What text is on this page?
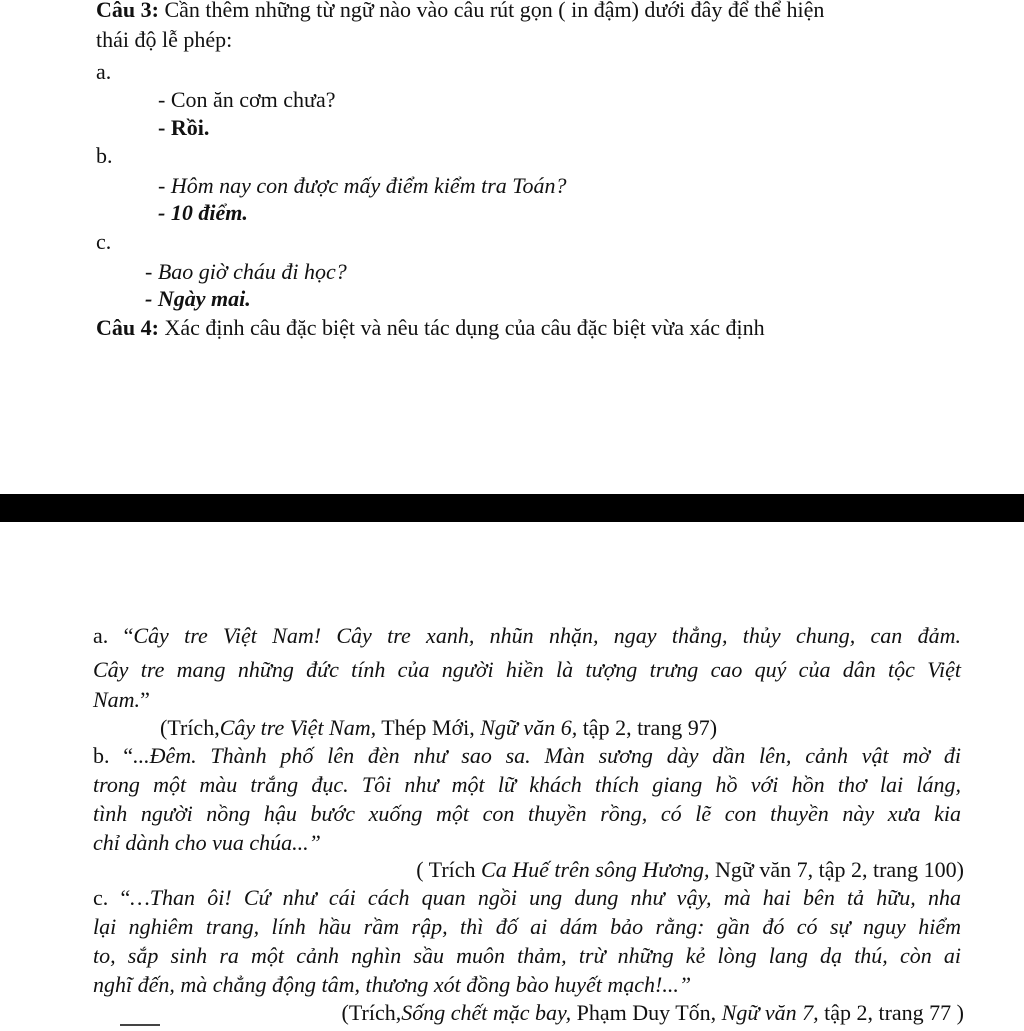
Câu 3: Cần thêm những từ ngữ nào vào câu rút gọn ( in đậm) dưới đây để thể hiện
thái độ lễ phép:
a.
- Con ăn cơm chưa?
- Rồi.
b.
- Hôm nay con được mấy điểm kiểm tra Toán?
- 10 điểm.
c.
- Bao giờ cháu đi học?
- Ngày mai.
Câu 4: Xác định câu đặc biệt và nêu tác dụng của câu đặc biệt vừa xác định
a. “Cây tre Việt Nam! Cây tre xanh, nhũn nhặn, ngay thẳng, thủy chung, can đảm.
Cây tre mang những đức tính của người hiền là tượng trưng cao quý của dân tộc Việt
Nam.”
(Trích,Cây tre Việt Nam, Thép Mới, Ngữ văn 6, tập 2, trang 97)
b. “...Đêm. Thành phố lên đèn như sao sa. Màn sương dày dần lên, cảnh vật mờ đi
trong một màu trắng đục. Tôi như một lữ khách thích giang hồ với hồn thơ lai láng,
tình người nồng hậu bước xuống một con thuyền rồng, có lẽ con thuyền này xưa kia
chỉ dành cho vua chúa...”
( Trích Ca Huế trên sông Hương, Ngữ văn 7, tập 2, trang 100)
c. “…Than ôi! Cứ như cái cách quan ngồi ung dung như vậy, mà hai bên tả hữu, nha
lại nghiêm trang, lính hầu rầm rập, thì đố ai dám bảo rằng: gần đó có sự nguy hiểm
to, sắp sinh ra một cảnh nghìn sầu muôn thảm, trừ những kẻ lòng lang dạ thú, còn ai
nghĩ đến, mà chẳng động tâm, thương xót đồng bào huyết mạch!...”
(Trích,Sống chết mặc bay, Phạm Duy Tốn, Ngữ văn 7, tập 2, trang 77 )
